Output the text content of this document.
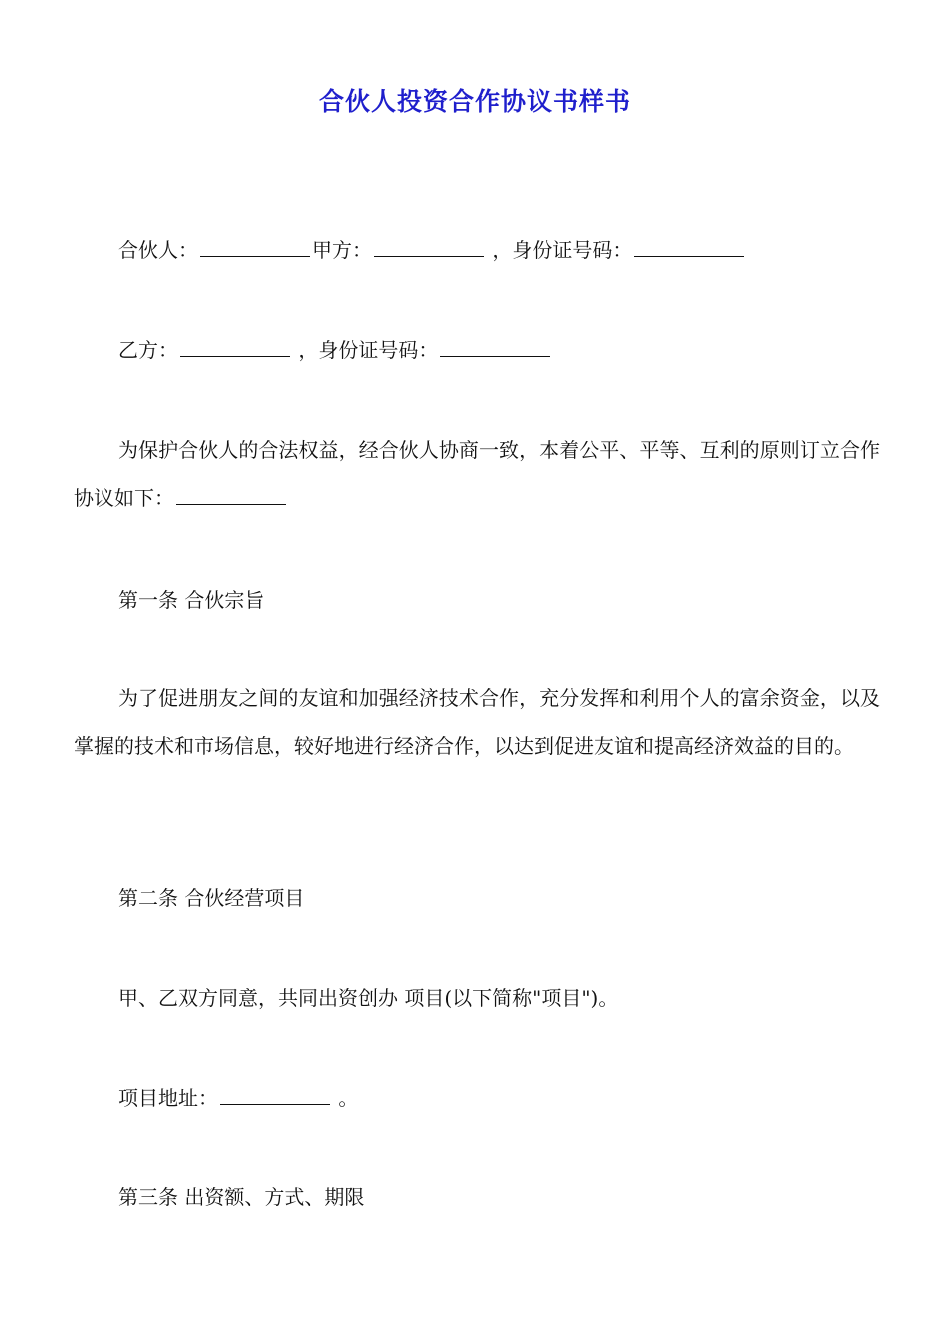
合伙人投资合作协议书样书
合伙人：	甲方：	，身份证号码：
乙方：	，身份证号码：
为保护合伙人的合法权益，经合伙人协商一致，本着公平、平等、互利的原则订立合作协议如下：
第一条 合伙宗旨
为了促进朋友之间的友谊和加强经济技术合作，充分发挥和利用个人的富余资金，以及掌握的技术和市场信息，较好地进行经济合作，以达到促进友谊和提高经济效益的目的。
第二条 合伙经营项目
甲、乙双方同意，共同出资创办 项目(以下简称"项目")。
项目地址：	。
第三条 出资额、方式、期限
